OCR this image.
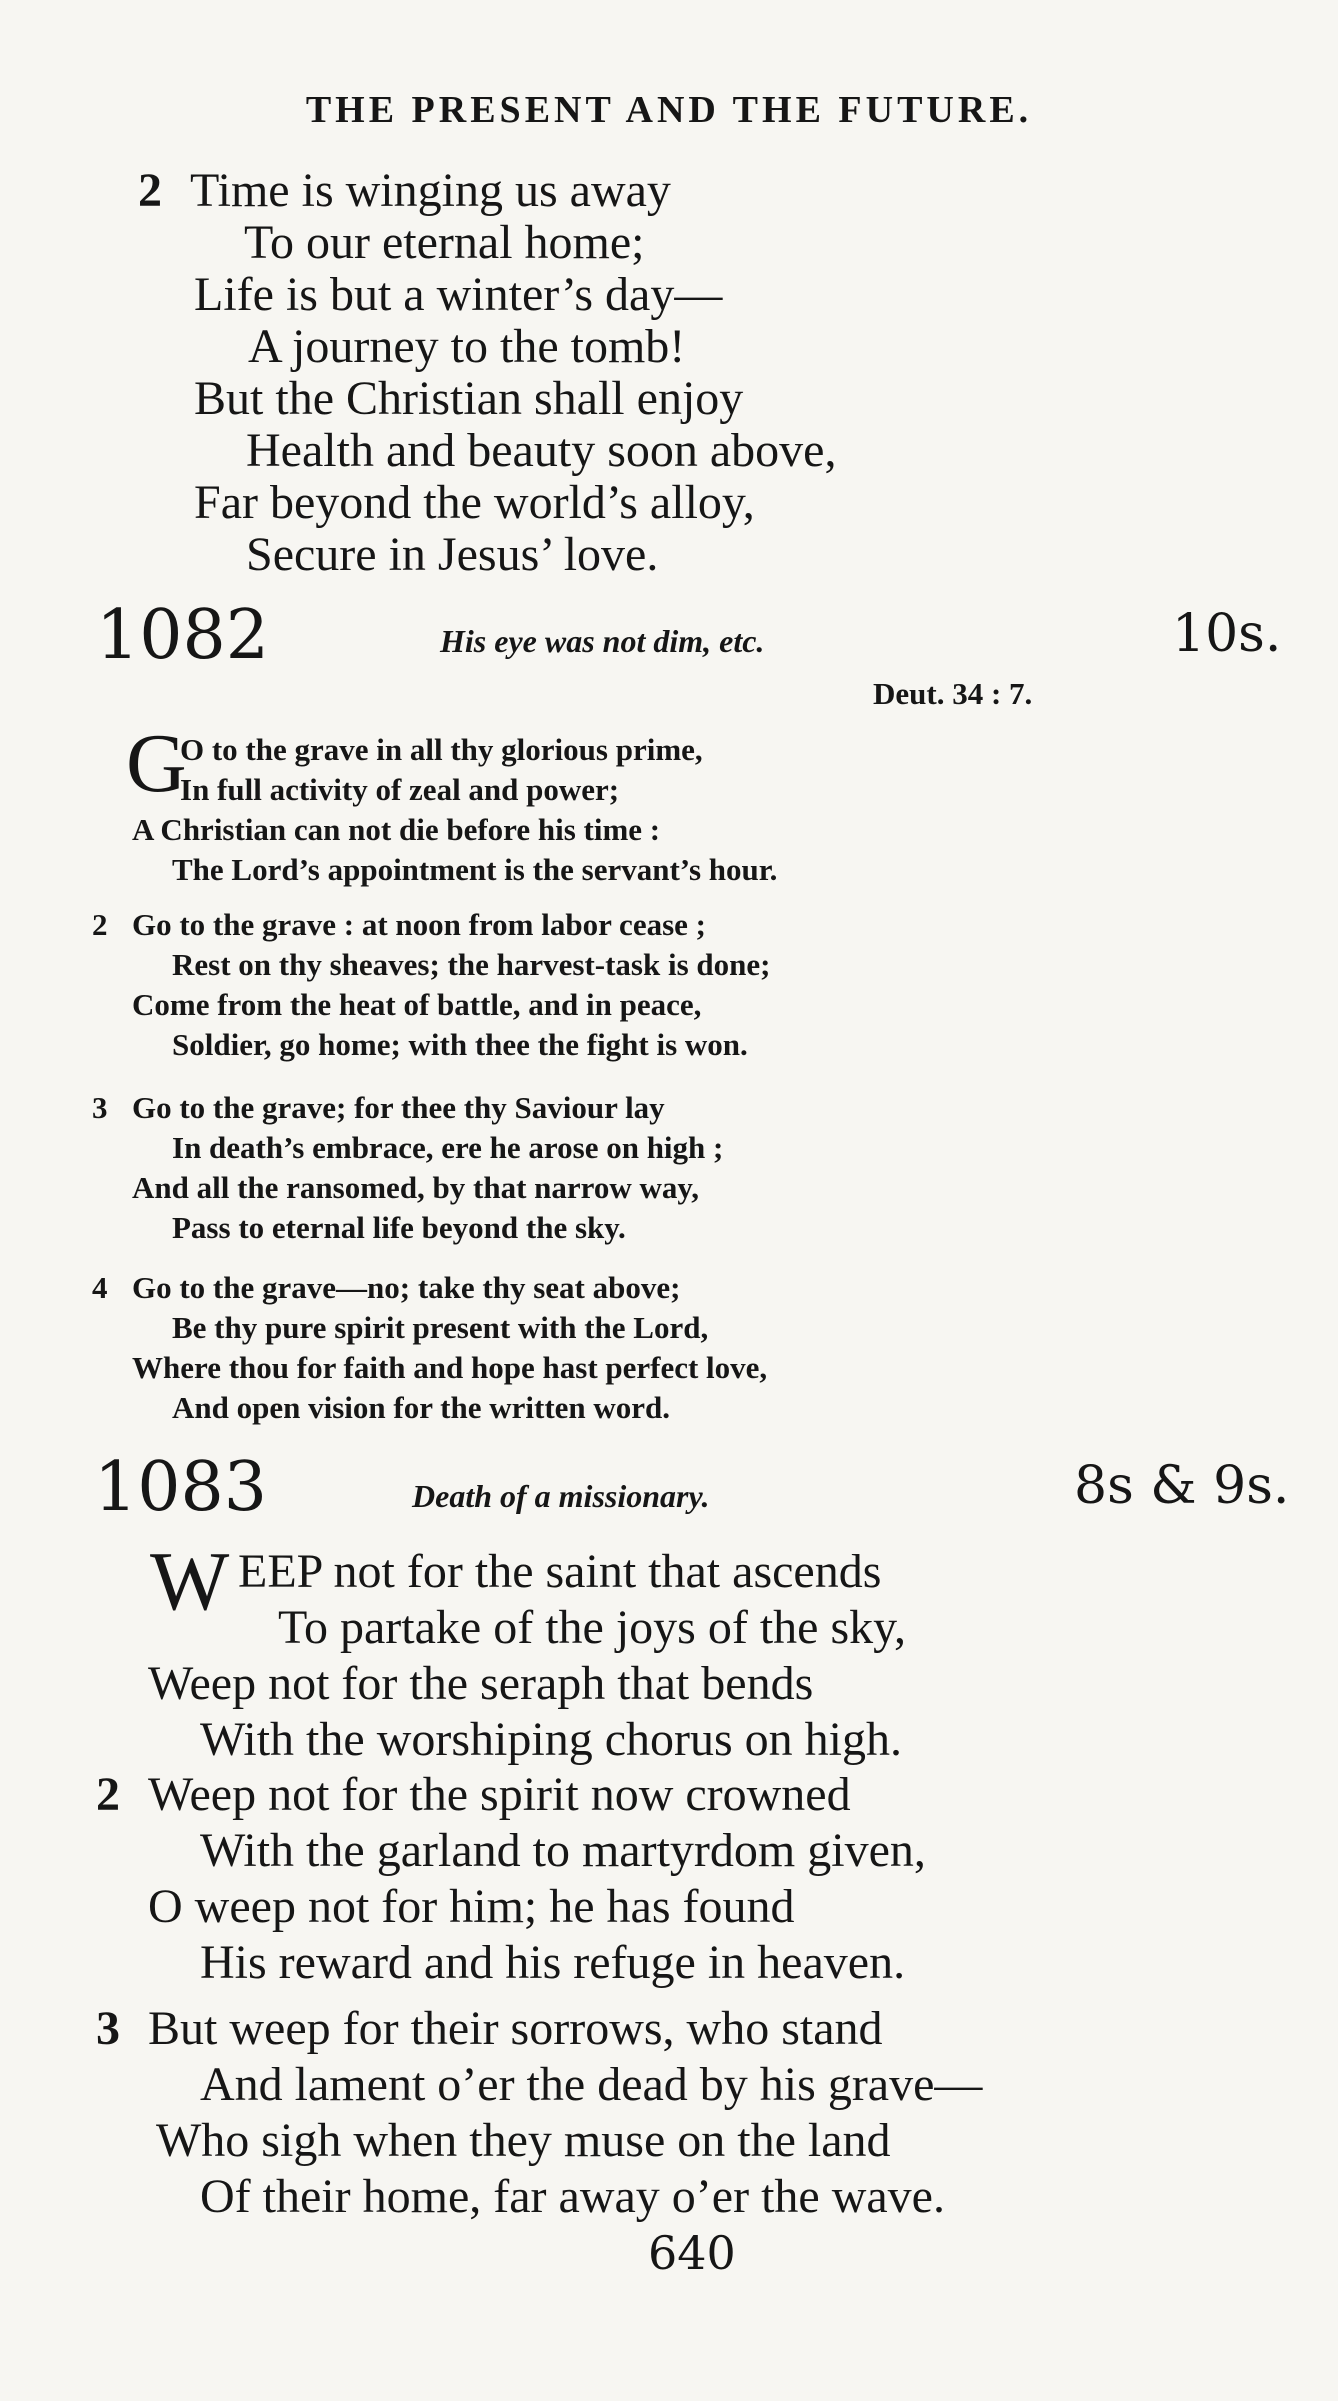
THE PRESENT AND THE FUTURE.
2 Time is winging us away
To our eternal home;
Life is but a winter’s day—
A journey to the tomb!
But the Christian shall enjoy
Health and beauty soon above,
Far beyond the world’s alloy,
Secure in Jesus’ love.
1082	His eye was not dim, etc.	10s.
Deut. 34 : 7.
G
O to the grave in all thy glorious prime,
In full activity of zeal and power;
A Christian can not die before his time :
The Lord’s appointment is the servant’s hour.
2 Go to the grave : at noon from labor cease ;
Rest on thy sheaves; the harvest-task is done;
Come from the heat of battle, and in peace,
Soldier, go home; with thee the fight is won.
3 Go to the grave; for thee thy Saviour lay
In death’s embrace, ere he arose on high ;
And all the ransomed, by that narrow way,
Pass to eternal life beyond the sky.
4 Go to the grave—no; take thy seat above;
Be thy pure spirit present with the Lord,
Where thou for faith and hope hast perfect love,
And open vision for the written word.
1083	Death of a missionary.	8s & 9s.
W EEP not for the saint that ascends
To partake of the joys of the sky,
Weep not for the seraph that bends
With the worshiping chorus on high.
2 Weep not for the spirit now crowned
With the garland to martyrdom given,
O weep not for him; he has found
His reward and his refuge in heaven.
3 But weep for their sorrows, who stand
And lament o’er the dead by his grave—
Who sigh when they muse on the land
Of their home, far away o’er the wave.
640
